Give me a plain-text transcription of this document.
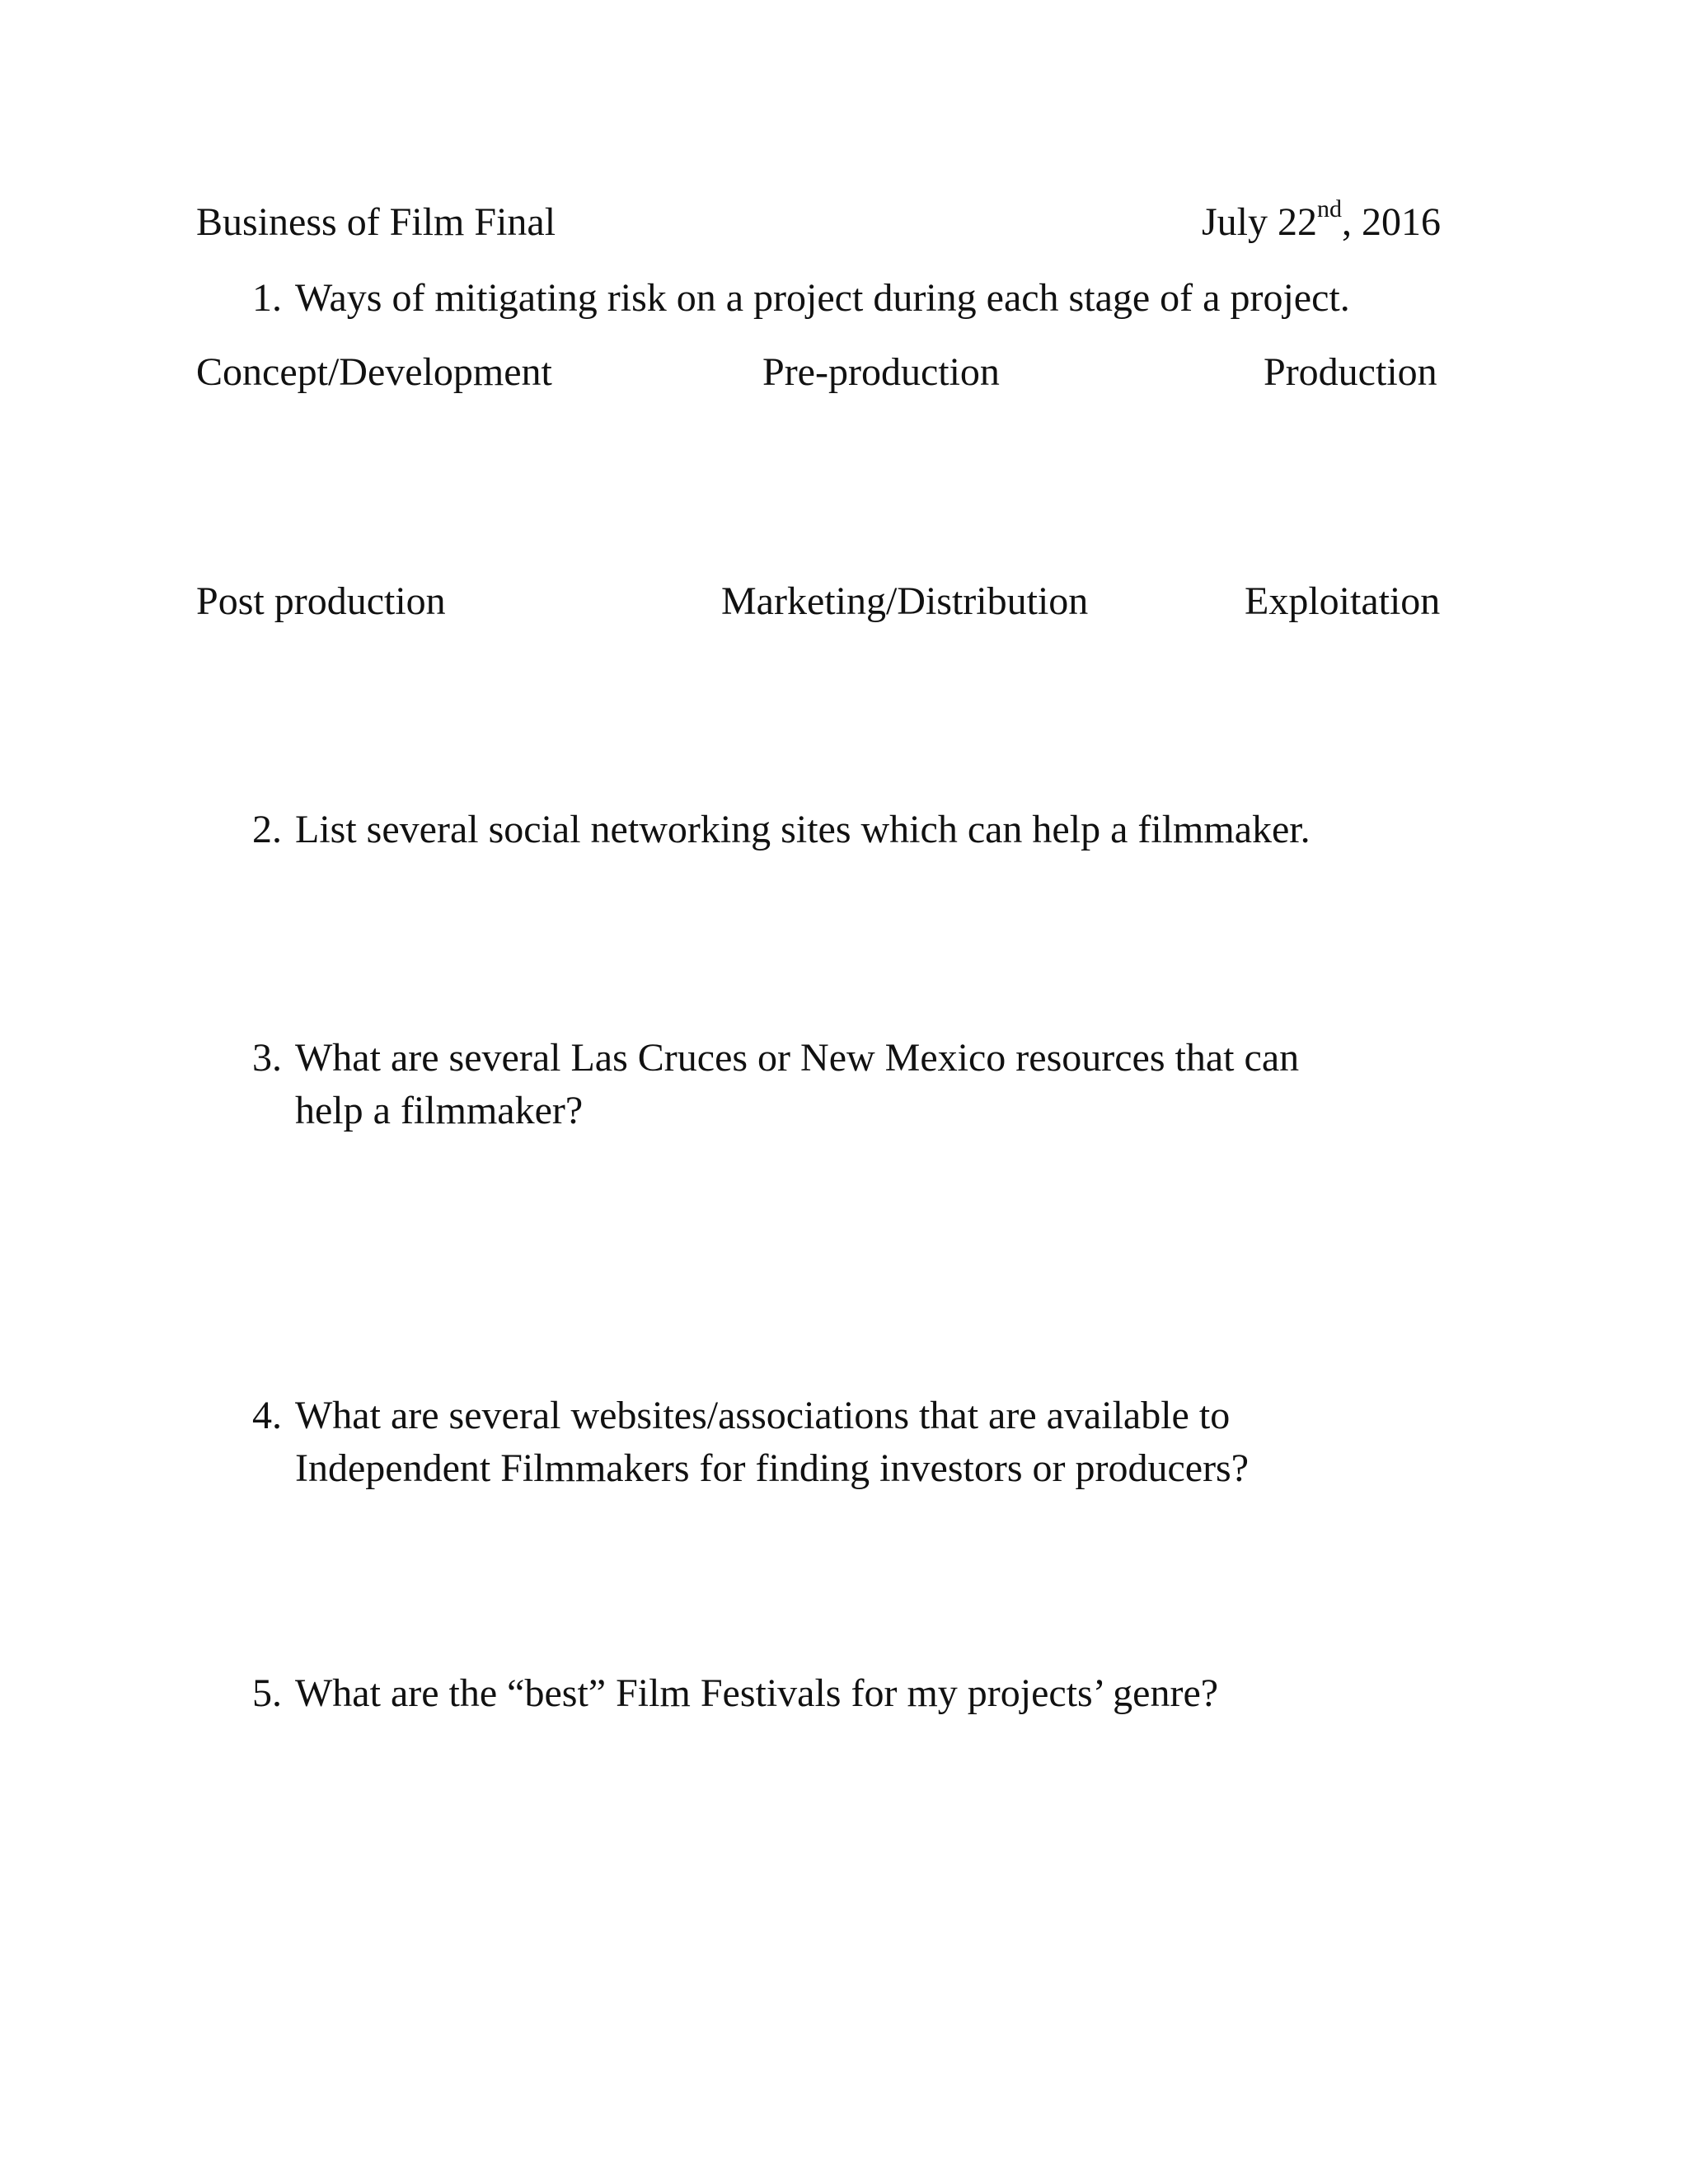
Business of Film Final	July 22nd, 2016
1. Ways of mitigating risk on a project during each stage of a project.
Concept/Development	Pre-production	Production
Post production	Marketing/Distribution	Exploitation
2. List several social networking sites which can help a filmmaker.
3. What are several Las Cruces or New Mexico resources that can
help a filmmaker?
4. What are several websites/associations that are available to
Independent Filmmakers for finding investors or producers?
5. What are the “best” Film Festivals for my projects’ genre?
